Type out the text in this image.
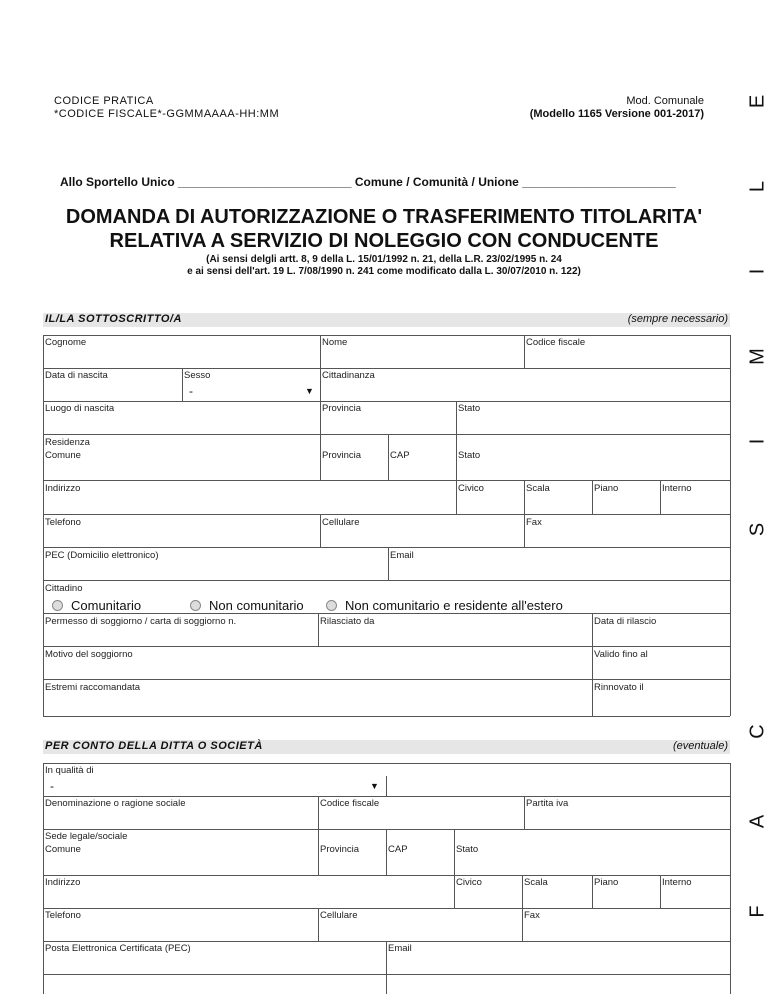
CODICE PRATICA
*CODICE FISCALE*-GGMMAAAA-HH:MM
Mod. Comunale
(Modello 1165 Versione 001-2017)
Allo Sportello Unico __________________________ Comune / Comunità / Unione _______________________
DOMANDA DI AUTORIZZAZIONE O TRASFERIMENTO TITOLARITA'
RELATIVA A SERVIZIO DI NOLEGGIO CON CONDUCENTE
(Ai sensi delgli artt. 8, 9 della L. 15/01/1992 n. 21, della L.R. 23/02/1995 n. 24
e ai sensi dell'art. 19 L. 7/08/1990 n. 241 come modificato dalla L. 30/07/2010 n. 122)
E
L
I
M
I
S
C
A
F
IL/LA SOTTOSCRITTO/A	(sempre necessario)
Cognome	Nome	Codice fiscale
Data di nascita	Sesso	Cittadinanza
-	▼
Luogo di nascita	Provincia	Stato
Residenza
Comune	Provincia	CAP	Stato
Indirizzo	Civico	Scala	Piano	Interno
Telefono	Cellulare	Fax
PEC (Domicilio elettronico)	Email
Cittadino
Comunitario	Non comunitario	Non comunitario e residente all'estero
Permesso di soggiorno / carta di soggiorno n.	Rilasciato da	Data di rilascio
Motivo del soggiorno	Valido fino al
Estremi raccomandata	Rinnovato il
PER CONTO DELLA DITTA O SOCIETÀ	(eventuale)
In qualità di
-	▼
Denominazione o ragione sociale	Codice fiscale	Partita iva
Sede legale/sociale
Comune	Provincia	CAP	Stato
Indirizzo	Civico	Scala	Piano	Interno
Telefono	Cellulare	Fax
Posta Elettronica Certificata (PEC)	Email
